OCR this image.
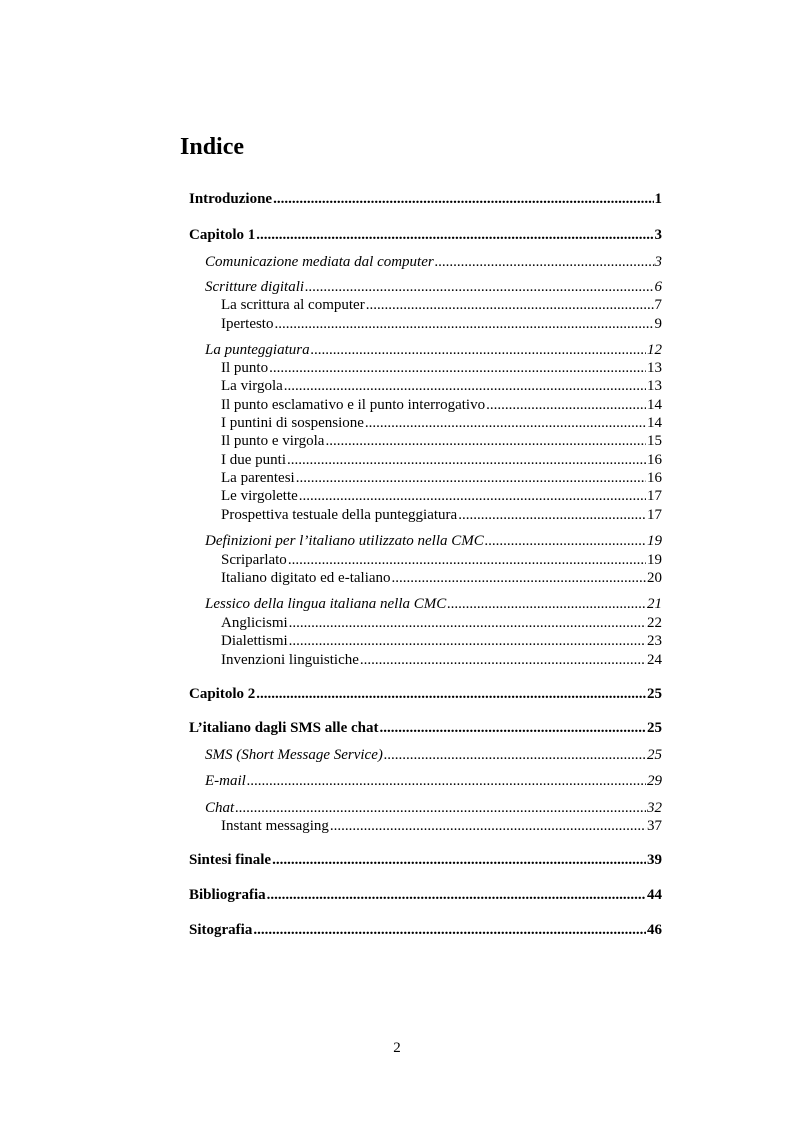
Indice
Introduzione .....	1
Capitolo 1 .....	3
Comunicazione mediata dal computer .....	3
Scritture digitali .....	6
La scrittura al computer .....	7
Ipertesto .....	9
La punteggiatura .....	12
Il punto .....	13
La virgola .....	13
Il punto esclamativo e il punto interrogativo .....	14
I puntini di sospensione .....	14
Il punto e virgola .....	15
I due punti .....	16
La parentesi .....	16
Le virgolette .....	17
Prospettiva testuale della punteggiatura .....	17
Definizioni per l’italiano utilizzato nella CMC .....	19
Scriparlato .....	19
Italiano digitato ed e-taliano .....	20
Lessico della lingua italiana nella CMC .....	21
Anglicismi .....	22
Dialettismi .....	23
Invenzioni linguistiche .....	24
Capitolo 2 .....	25
L’italiano dagli SMS alle chat .....	25
SMS (Short Message Service) .....	25
E-mail .....	29
Chat .....	32
Instant messaging .....	37
Sintesi finale .....	39
Bibliografia .....	44
Sitografia .....	46
2
